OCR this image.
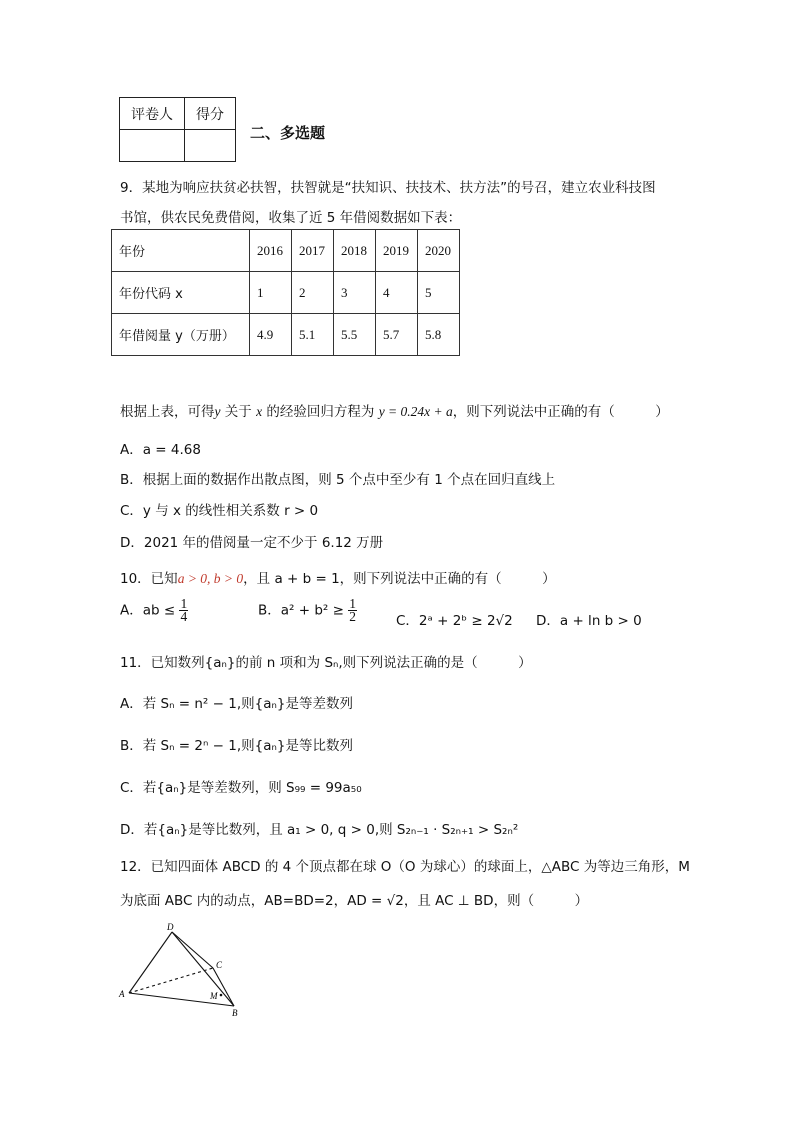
评卷人	得分

二、多选题
9．某地为响应扶贫必扶智，扶智就是“扶知识、扶技术、扶方法”的号召，建立农业科技图
书馆，供农民免费借阅，收集了近 5 年借阅数据如下表：
年份	2016	2017	2018	2019	2020
年份代码 x	1	2	3	4	5
年借阅量 y（万册）	4.9	5.1	5.5	5.7	5.8
根据上表，可得y 关于 x 的经验回归方程为 y = 0.24x + a，则下列说法中正确的有（　　　）
A．a = 4.68
B．根据上面的数据作出散点图，则 5 个点中至少有 1 个点在回归直线上
C．y 与 x 的线性相关系数 r > 0
D．2021 年的借阅量一定不少于 6.12 万册
10．已知a > 0, b > 0，且 a + b = 1，则下列说法中正确的有（　　　）
A．ab ≤ $\frac{1}{4}$	B．$a^2 + b^2 \ge \frac{1}{2}$	C．2ᵃ + 2ᵇ ≥ 2√2 D．a + ln b > 0
11．已知数列{aₙ}的前 n 项和为 Sₙ,则下列说法正确的是（　　　）
A．若 Sₙ = n² − 1,则{aₙ}是等差数列
B．若 Sₙ = 2ⁿ − 1,则{aₙ}是等比数列
C．若{aₙ}是等差数列，则 S₉₉ = 99a₅₀
D．若{aₙ}是等比数列，且 a₁ > 0, q > 0,则 S₂ₙ₋₁ · S₂ₙ₊₁ > S₂ₙ²
12．已知四面体 ABCD 的 4 个顶点都在球 O（O 为球心）的球面上，△ABC 为等边三角形，M
为底面 ABC 内的动点，AB=BD=2，AD = √2，且 AC ⊥ BD，则（　　　）
D
C
A
B
M
